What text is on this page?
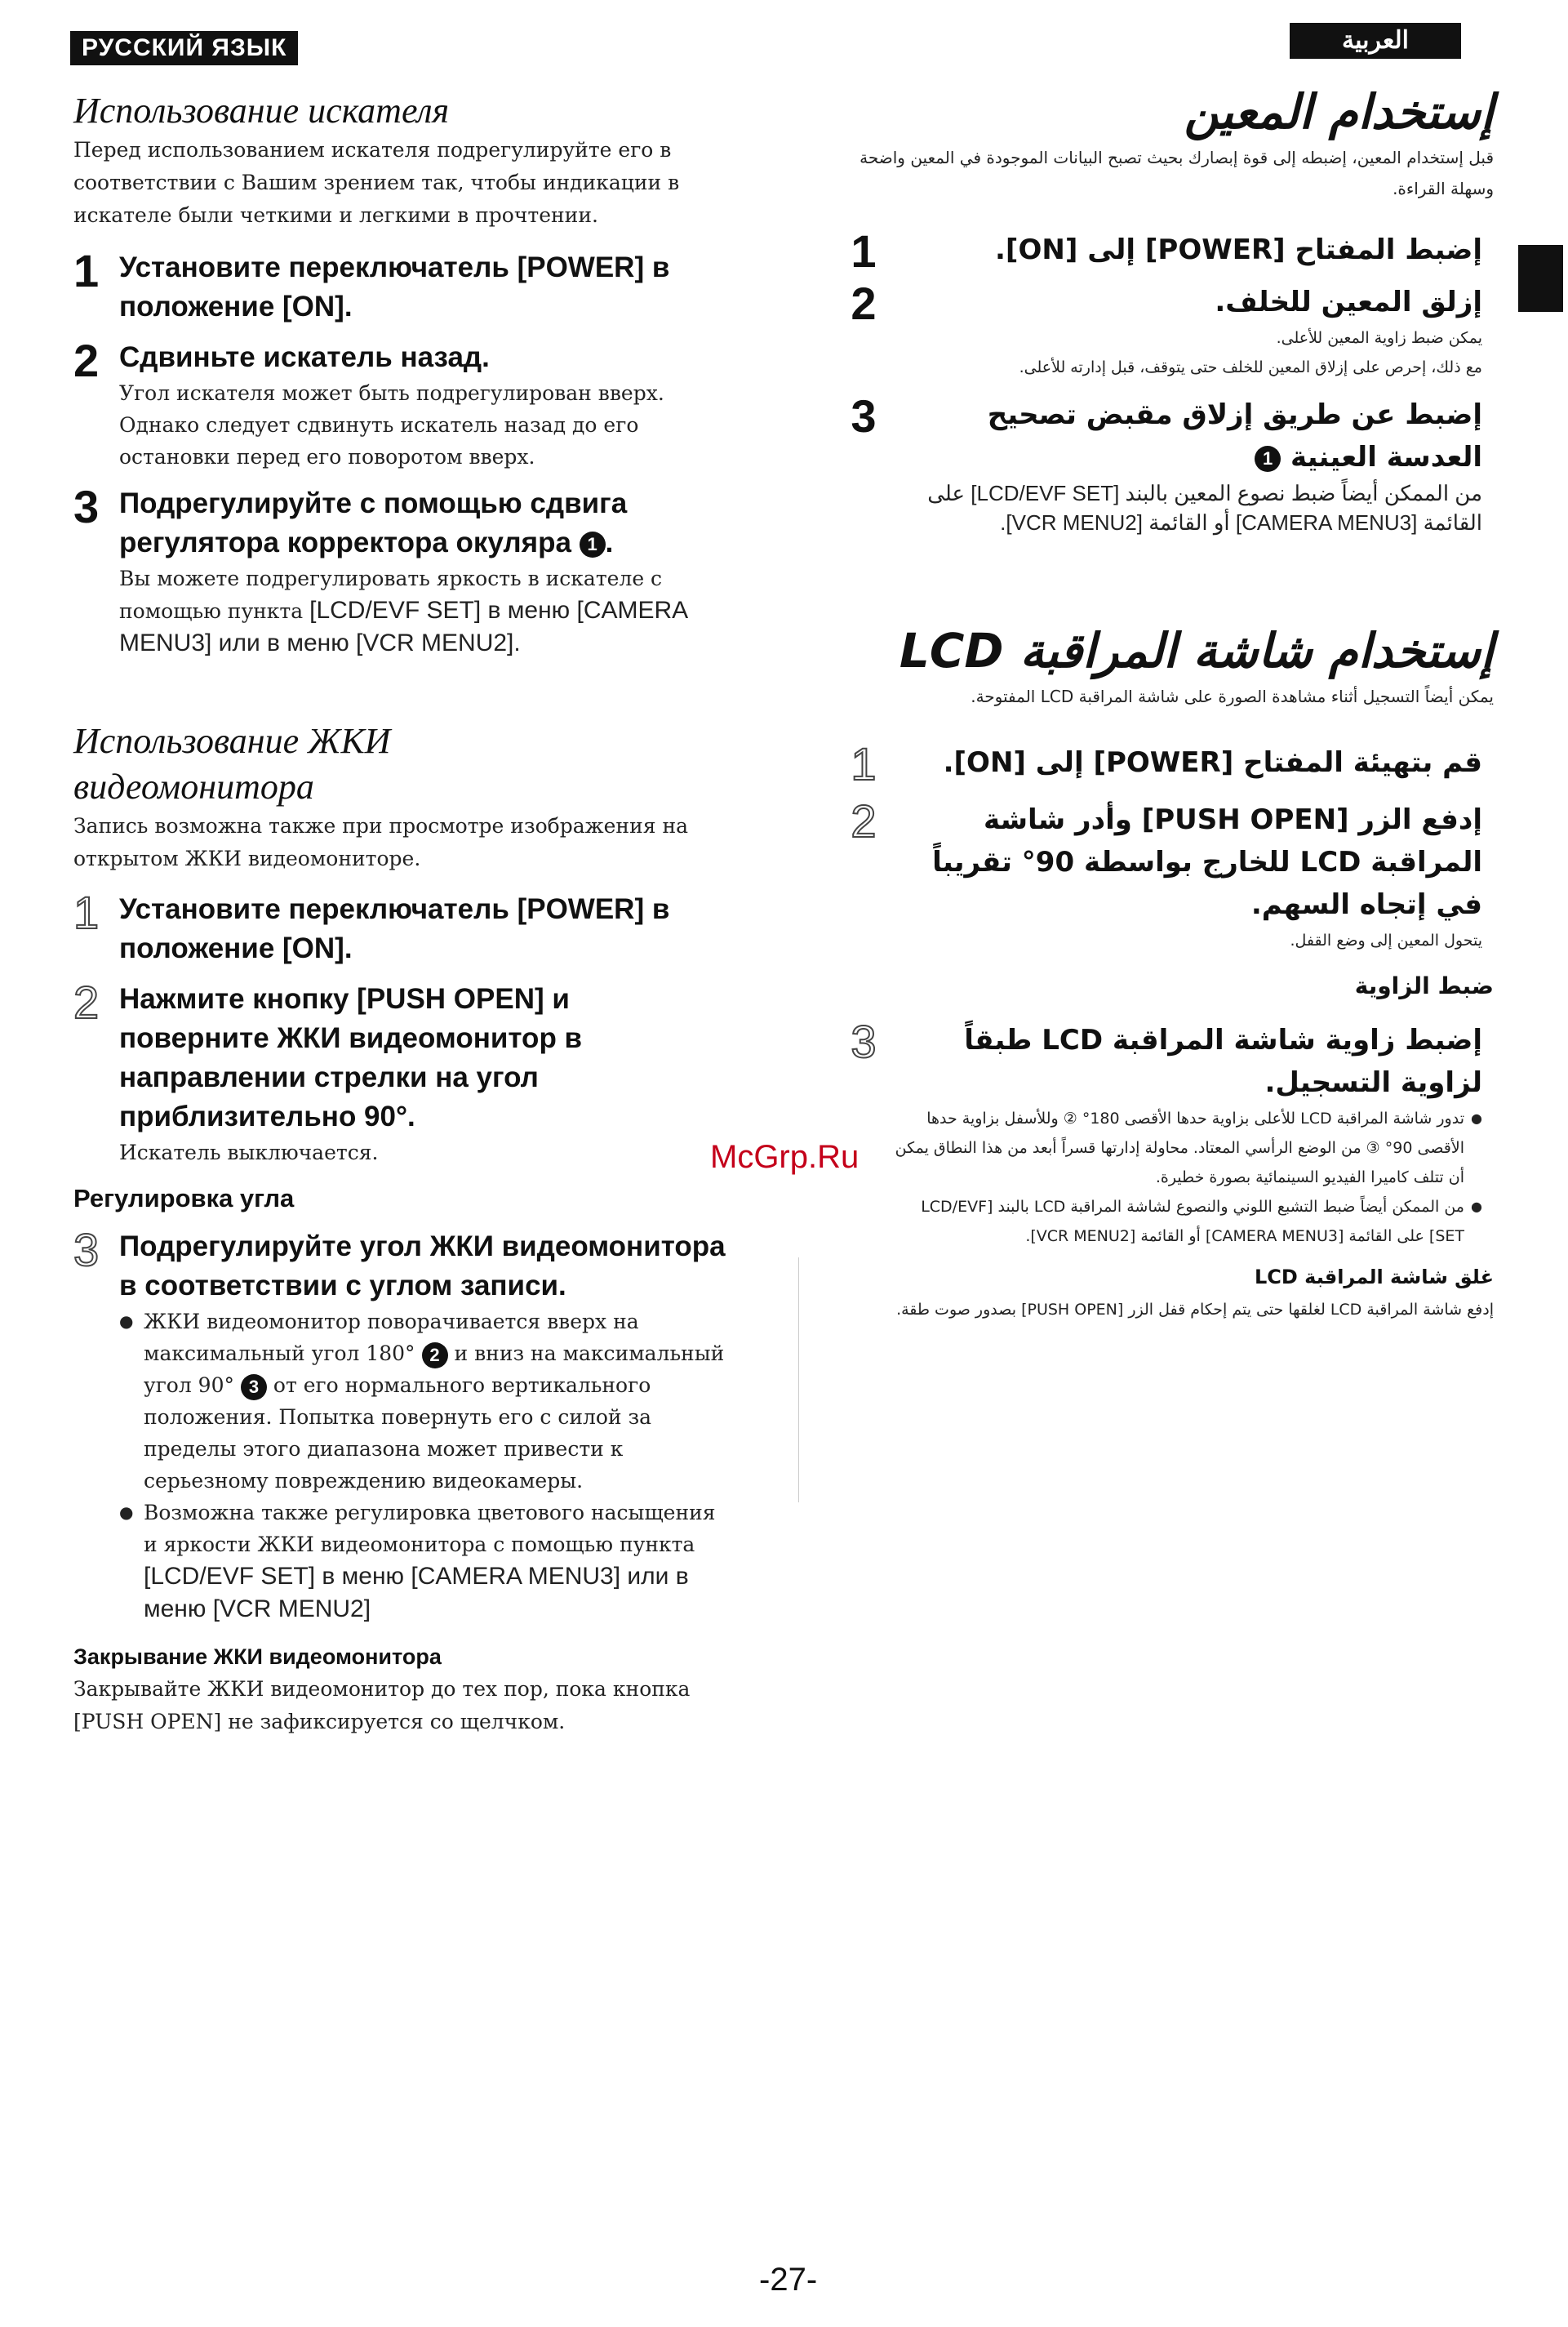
РУССКИЙ ЯЗЫК	العربية
Использование искателя
Перед использованием искателя подрегулируйте его в соответствии с Вашим зрением так, чтобы индикации в искателе были четкими и легкими в прочтении.
1 Установите переключатель [POWER] в положение [ON].
2 Сдвиньте искатель назад.
Угол искателя может быть подрегулирован вверх. Однако следует сдвинуть искатель назад до его остановки перед его поворотом вверх.
3 Подрегулируйте с помощью сдвига регулятора корректора окуляра 1 .
Вы можете подрегулировать яркость в искателе с помощью пункта [LCD/EVF SET] в меню [CAMERA MENU3] или в меню [VCR MENU2].
Использование ЖКИ
видеомонитора
Запись возможна также при просмотре изображения на открытом ЖКИ видеомониторе.
1 Установите переключатель [POWER] в положение [ON].
2 Нажмите кнопку [PUSH OPEN] и поверните ЖКИ видеомонитор в направлении стрелки на угол приблизительно 90°.
Искатель выключается.
Регулировка угла
3 Подрегулируйте угол ЖКИ видеомонитора в соответствии с углом записи.
● ЖКИ видеомонитор поворачивается вверх на максимальный угол 180° 2 и вниз на максимальный угол 90° 3 от его нормального вертикального положения. Попытка повернуть его с силой за пределы этого диапазона может привести к серьезному повреждению видеокамеры.
● Возможна также регулировка цветового насыщения и яркости ЖКИ видеомонитора с помощью пункта [LCD/EVF SET] в меню [CAMERA MENU3] или в меню [VCR MENU2]
Закрывание ЖКИ видеомонитора
Закрывайте ЖКИ видеомонитор до тех пор, пока кнопка [PUSH OPEN] не зафиксируется со щелчком.
إستخدام المعين
قبل إستخدام المعين، إضبطه إلى قوة إبصارك بحيث تصبح البيانات الموجودة في المعين واضحة وسهلة القراءة.
1	إضبط المفتاح [POWER] إلى [ON].
2	إزلق المعين للخلف.
يمكن ضبط زاوية المعين للأعلى.
مع ذلك، إحرص على إزلاق المعين للخلف حتى يتوقف، قبل إدارته للأعلى.
3	إضبط عن طريق إزلاق مقبض تصحيح العدسة العينية 1
من الممكن أيضاً ضبط نصوع المعين بالبند [LCD/EVF SET] على القائمة [CAMERA MENU3] أو القائمة [VCR MENU2].
إستخدام شاشة المراقبة LCD
يمكن أيضاً التسجيل أثناء مشاهدة الصورة على شاشة المراقبة LCD المفتوحة.
1	قم بتهيئة المفتاح [POWER] إلى [ON].
2	إدفع الزر [PUSH OPEN] وأدر شاشة المراقبة LCD للخارج بواسطة 90° تقريباً في إتجاه السهم.
يتحول المعين إلى وضع القفل.
ضبط الزاوية
3	إضبط زاوية شاشة المراقبة LCD طبقاً لزاوية التسجيل.
● تدور شاشة المراقبة LCD للأعلى بزاوية حدها الأقصى 180° ② وللأسفل بزاوية حدها الأقصى 90° ③ من الوضع الرأسي المعتاد. محاولة إدارتها قسراً أبعد من هذا النطاق يمكن أن تتلف كاميرا الفيديو السينمائية بصورة خطيرة.
● من الممكن أيضاً ضبط التشبع اللوني والنصوع لشاشة المراقبة LCD بالبند [LCD/EVF SET] على القائمة [CAMERA MENU3] أو القائمة [VCR MENU2].
غلق شاشة المراقبة LCD
إدفع شاشة المراقبة LCD لغلقها حتى يتم إحكام قفل الزر [PUSH OPEN] بصدور صوت طقة.
McGrp.Ru
-27-
